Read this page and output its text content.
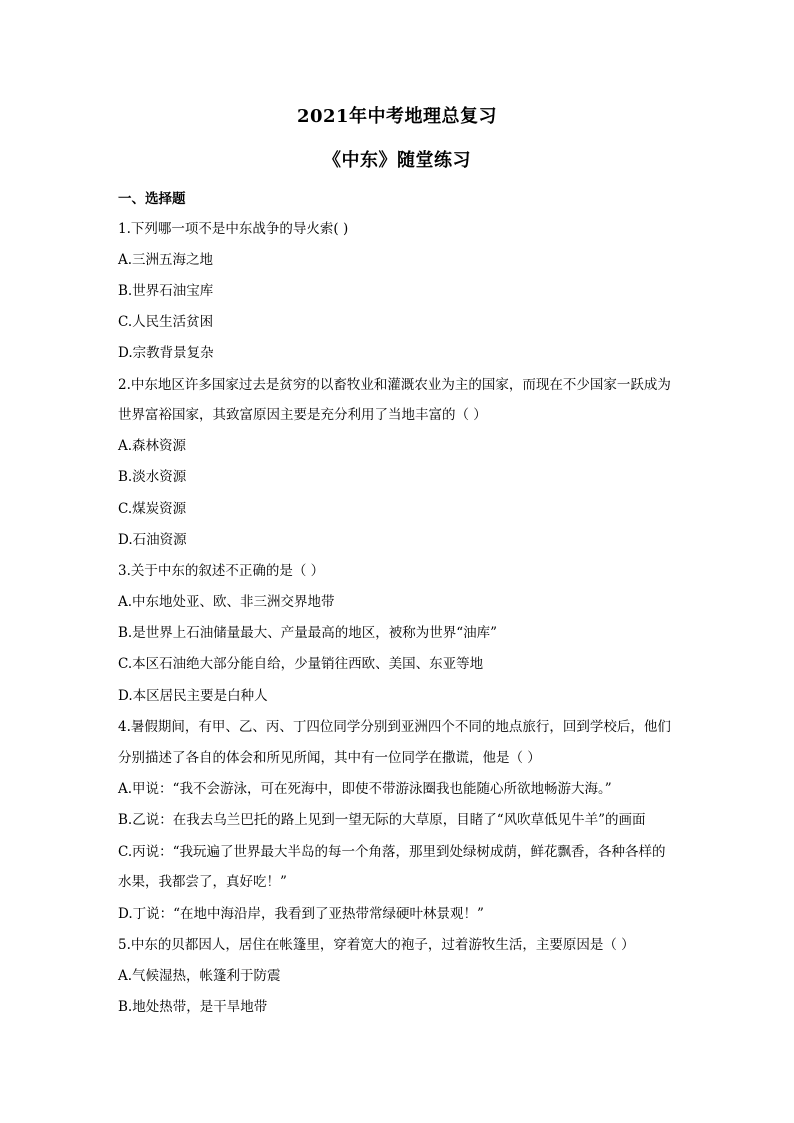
2021年中考地理总复习
《中东》随堂练习
一、选择题
1.下列哪一项不是中东战争的导火索( )
A.三洲五海之地
B.世界石油宝库
C.人民生活贫困
D.宗教背景复杂
2.中东地区许多国家过去是贫穷的以畜牧业和灌溉农业为主的国家，而现在不少国家一跃成为
世界富裕国家，其致富原因主要是充分利用了当地丰富的（ ）
A.森林资源
B.淡水资源
C.煤炭资源
D.石油资源
3.关于中东的叙述不正确的是（ ）
A.中东地处亚、欧、非三洲交界地带
B.是世界上石油储量最大、产量最高的地区，被称为世界“油库”
C.本区石油绝大部分能自给，少量销往西欧、美国、东亚等地
D.本区居民主要是白种人
4.暑假期间，有甲、乙、丙、丁四位同学分别到亚洲四个不同的地点旅行，回到学校后，他们
分别描述了各自的体会和所见所闻，其中有一位同学在撒谎，他是（ ）
A.甲说：“我不会游泳，可在死海中，即使不带游泳圈我也能随心所欲地畅游大海。”
B.乙说：在我去乌兰巴托的路上见到一望无际的大草原，目睹了“风吹草低见牛羊”的画面
C.丙说：“我玩遍了世界最大半岛的每一个角落，那里到处绿树成荫，鲜花飘香，各种各样的
水果，我都尝了，真好吃！”
D.丁说：“在地中海沿岸，我看到了亚热带常绿硬叶林景观！”
5.中东的贝都因人，居住在帐篷里，穿着宽大的袍子，过着游牧生活，主要原因是（ ）
A.气候湿热，帐篷利于防震
B.地处热带，是干旱地带
